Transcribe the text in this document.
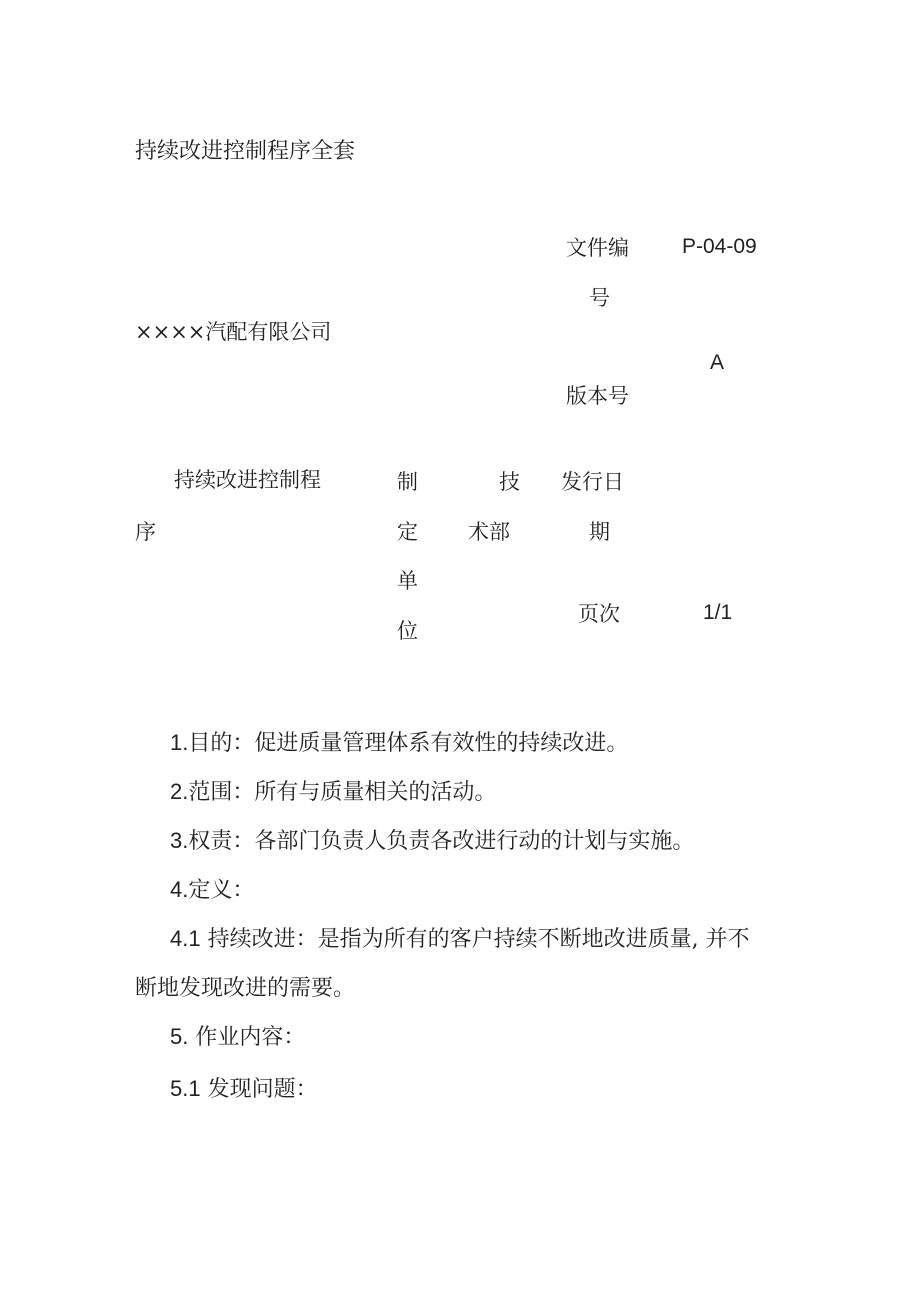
持续改进控制程序全套
××××汽配有限公司
文件编
号
P-04-09
版本号
A
持续改进控制程
序
制
定
单
位
技
术部
发行日
期
页次	1/1
1.目的：促进质量管理体系有效性的持续改进。
2.范围：所有与质量相关的活动。
3.权责：各部门负责人负责各改进行动的计划与实施。
4.定义：
4.1 持续改进：是指为所有的客户持续不断地改进质量, 并不
断地发现改进的需要。
5. 作业内容：
5.1 发现问题：
